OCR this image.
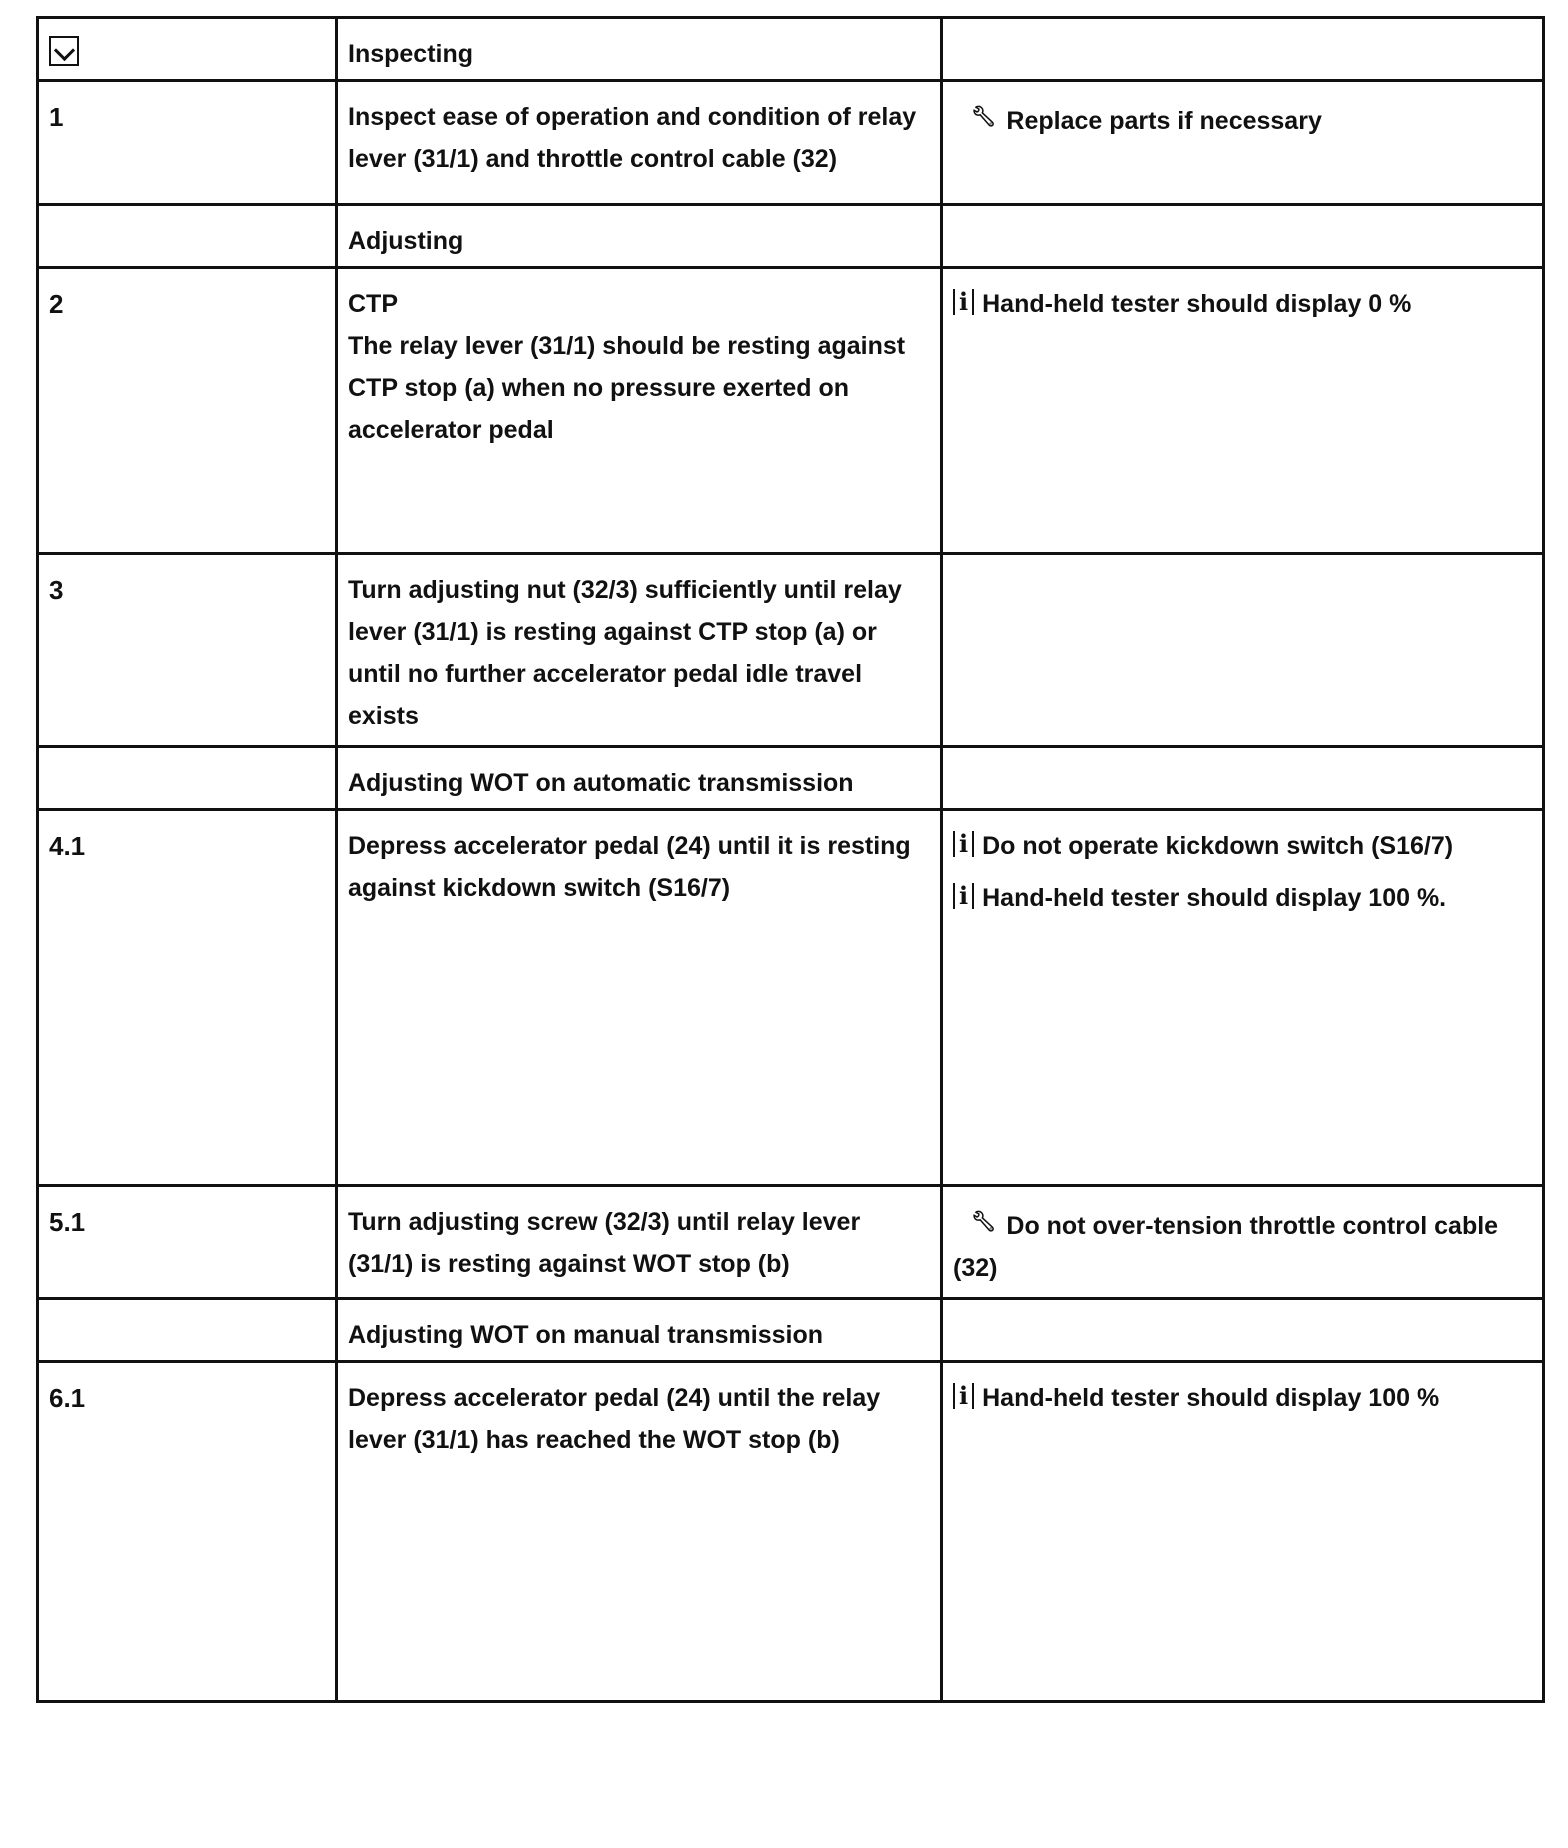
	Inspecting	
1	Inspect ease of operation and condition of relay lever (31/1) and throttle control cable (32)	🔧︎ Replace parts if necessary

	Adjusting	
2	CTP
The relay lever (31/1) should be resting against CTP stop (a) when no pressure exerted on accelerator pedal	i Hand-held tester should display 0 %

3	Turn adjusting nut (32/3) sufficiently until relay lever (31/1) is resting against CTP stop (a) or until no further accelerator pedal idle travel exists	
	Adjusting WOT on automatic transmission	
4.1	Depress accelerator pedal (24) until it is resting against kickdown switch (S16/7)	i Do not operate kickdown switch (S16/7)
i Hand-held tester should display 100 %.

5.1	Turn adjusting screw (32/3) until relay lever (31/1) is resting against WOT stop (b)	🔧︎ Do not over-tension throttle control cable (32)

	Adjusting WOT on manual transmission	
6.1	Depress accelerator pedal (24) until the relay lever (31/1) has reached the WOT stop (b)	i Hand-held tester should display 100 %
